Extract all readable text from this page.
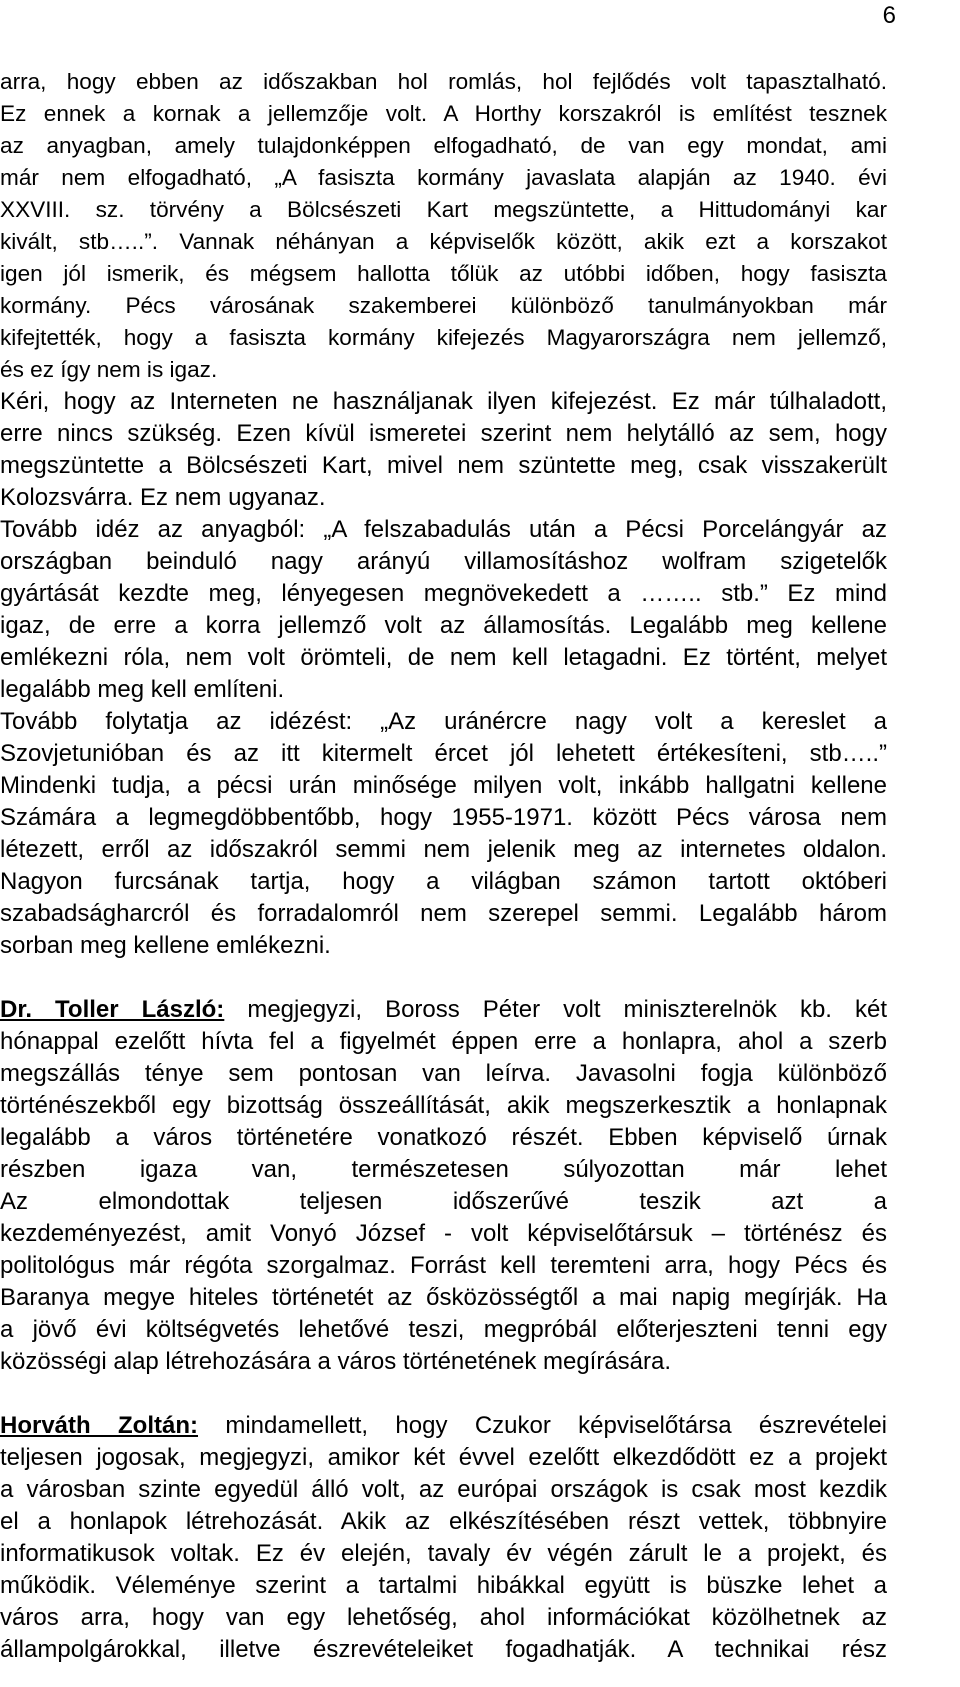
6
arra, hogy ebben az időszakban hol romlás, hol fejlődés volt tapasztalható.
Ez ennek a kornak a jellemzője volt. A Horthy korszakról is említést tesznek
az anyagban, amely tulajdonképpen elfogadható, de van egy mondat, ami
már nem elfogadható, „A fasiszta kormány javaslata alapján az 1940. évi
XXVIII. sz. törvény a Bölcsészeti Kart megszüntette, a Hittudományi kar
kivált, stb…..”. Vannak néhányan a képviselők között, akik ezt a korszakot
igen jól ismerik, és mégsem hallotta tőlük az utóbbi időben, hogy fasiszta
kormány. Pécs városának szakemberei különböző tanulmányokban már
kifejtették, hogy a fasiszta kormány kifejezés Magyarországra nem jellemző,
és ez így nem is igaz.
Kéri, hogy az Interneten ne használjanak ilyen kifejezést. Ez már túlhaladott,
erre nincs szükség. Ezen kívül ismeretei szerint nem helytálló az sem, hogy
megszüntette a Bölcsészeti Kart, mivel nem szüntette meg, csak visszakerült
Kolozsvárra. Ez nem ugyanaz.
Tovább idéz az anyagból: „A felszabadulás után a Pécsi Porcelángyár az
országban beinduló nagy arányú villamosításhoz wolfram szigetelők
gyártását kezdte meg, lényegesen megnövekedett a …….. stb.” Ez mind
igaz, de erre a korra jellemző volt az államosítás. Legalább meg kellene
emlékezni róla, nem volt örömteli, de nem kell letagadni. Ez történt, melyet
legalább meg kell említeni.
Tovább folytatja az idézést: „Az uránércre nagy volt a kereslet a
Szovjetunióban és az itt kitermelt ércet jól lehetett értékesíteni, stb…..”
Mindenki tudja, a pécsi urán minősége milyen volt, inkább hallgatni kellene
Számára a legmegdöbbentőbb, hogy 1955-1971. között Pécs városa nem
létezett, erről az időszakról semmi nem jelenik meg az internetes oldalon.
Nagyon furcsának tartja, hogy a világban számon tartott októberi
szabadságharcról és forradalomról nem szerepel semmi. Legalább három
sorban meg kellene emlékezni.
Dr. Toller László: megjegyzi, Boross Péter volt miniszterelnök kb. két
hónappal ezelőtt hívta fel a figyelmét éppen erre a honlapra, ahol a szerb
megszállás ténye sem pontosan van leírva. Javasolni fogja különböző
történészekből egy bizottság összeállítását, akik megszerkesztik a honlapnak
legalább a város történetére vonatkozó részét. Ebben képviselő úrnak
részben igaza van, természetesen súlyozottan már lehet
Az elmondottak teljesen időszerűvé teszik azt a
kezdeményezést, amit Vonyó József - volt képviselőtársuk – történész és
politológus már régóta szorgalmaz. Forrást kell teremteni arra, hogy Pécs és
Baranya megye hiteles történetét az ősközösségtől a mai napig megírják. Ha
a jövő évi költségvetés lehetővé teszi, megpróbál előterjeszteni tenni egy
közösségi alap létrehozására a város történetének megírására.
Horváth Zoltán: mindamellett, hogy Czukor képviselőtársa észrevételei
teljesen jogosak, megjegyzi, amikor két évvel ezelőtt elkezdődött ez a projekt
a városban szinte egyedül álló volt, az európai országok is csak most kezdik
el a honlapok létrehozását. Akik az elkészítésében részt vettek, többnyire
informatikusok voltak. Ez év elején, tavaly év végén zárult le a projekt, és
működik. Véleménye szerint a tartalmi hibákkal együtt is büszke lehet a
város arra, hogy van egy lehetőség, ahol információkat közölhetnek az
állampolgárokkal, illetve észrevételeiket fogadhatják. A technikai rész
